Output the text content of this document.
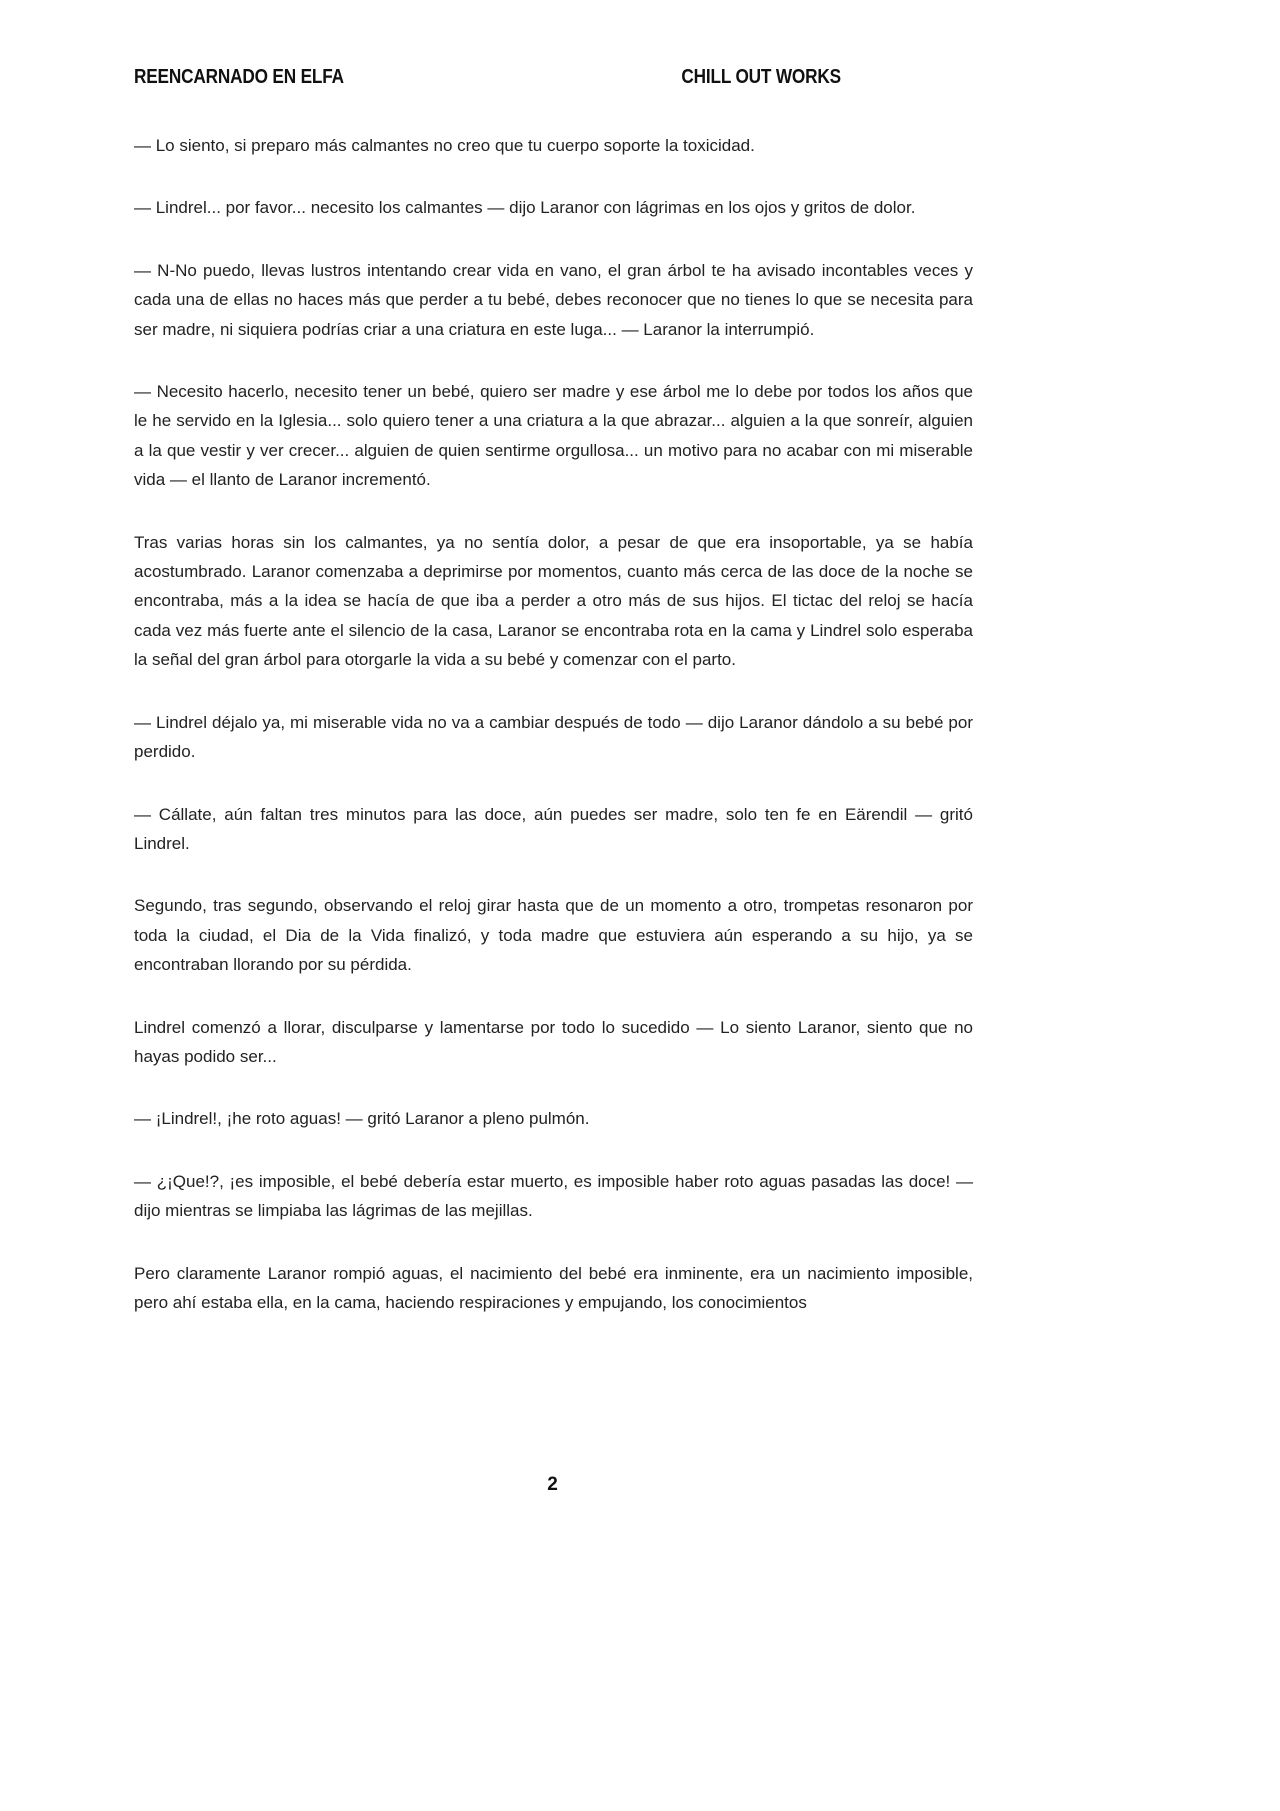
REENCARNADO EN ELFA	CHILL OUT WORKS

— Lo siento, si preparo más calmantes no creo que tu cuerpo soporte la toxicidad.

— Lindrel... por favor... necesito los calmantes — dijo Laranor con lágrimas en los ojos y gritos de dolor.

— N-No puedo, llevas lustros intentando crear vida en vano, el gran árbol te ha avisado incontables veces y cada una de ellas no haces más que perder a tu bebé, debes reconocer que no tienes lo que se necesita para ser madre, ni siquiera podrías criar a una criatura en este luga... — Laranor la interrumpió.

— Necesito hacerlo, necesito tener un bebé, quiero ser madre y ese árbol me lo debe por todos los años que le he servido en la Iglesia... solo quiero tener a una criatura a la que abrazar... alguien a la que sonreír, alguien a la que vestir y ver crecer... alguien de quien sentirme orgullosa... un motivo para no acabar con mi miserable vida — el llanto de Laranor incrementó.

Tras varias horas sin los calmantes, ya no sentía dolor, a pesar de que era insoportable, ya se había acostumbrado. Laranor comenzaba a deprimirse por momentos, cuanto más cerca de las doce de la noche se encontraba, más a la idea se hacía de que iba a perder a otro más de sus hijos. El tictac del reloj se hacía cada vez más fuerte ante el silencio de la casa, Laranor se encontraba rota en la cama y Lindrel solo esperaba la señal del gran árbol para otorgarle la vida a su bebé y comenzar con el parto.

— Lindrel déjalo ya, mi miserable vida no va a cambiar después de todo — dijo Laranor dándolo a su bebé por perdido.

— Cállate, aún faltan tres minutos para las doce, aún puedes ser madre, solo ten fe en Eärendil — gritó Lindrel.

Segundo, tras segundo, observando el reloj girar hasta que de un momento a otro, trompetas resonaron por toda la ciudad, el Dia de la Vida finalizó, y toda madre que estuviera aún esperando a su hijo, ya se encontraban llorando por su pérdida.

Lindrel comenzó a llorar, disculparse y lamentarse por todo lo sucedido — Lo siento Laranor, siento que no hayas podido ser...

— ¡Lindrel!, ¡he roto aguas! — gritó Laranor a pleno pulmón.

— ¿¡Que!?, ¡es imposible, el bebé debería estar muerto, es imposible haber roto aguas pasadas las doce! — dijo mientras se limpiaba las lágrimas de las mejillas.

Pero claramente Laranor rompió aguas, el nacimiento del bebé era inminente, era un nacimiento imposible, pero ahí estaba ella, en la cama, haciendo respiraciones y empujando, los conocimientos

2
